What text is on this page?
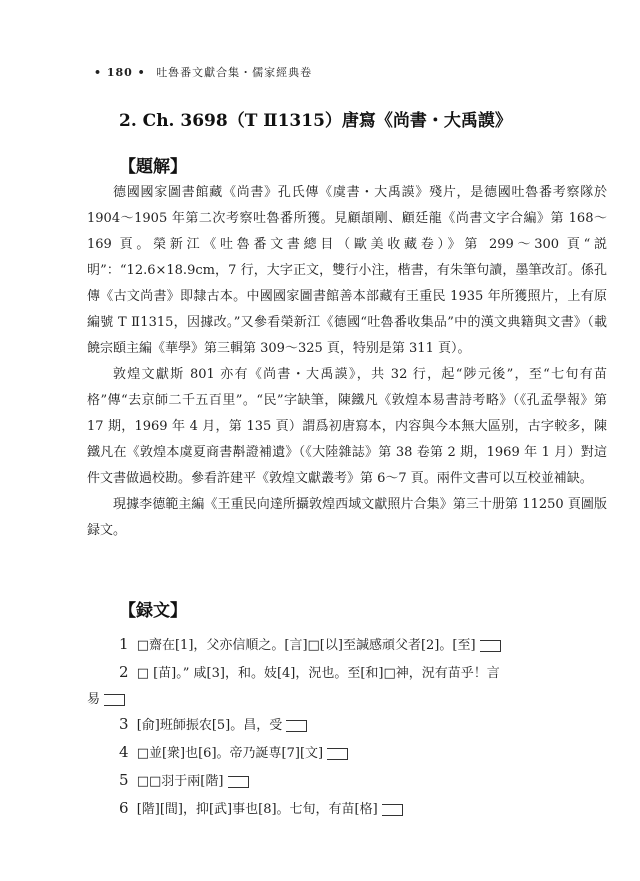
• 180 • 吐魯番文獻合集・儒家經典卷
2. Ch. 3698（T Ⅱ1315）唐寫《尚書・大禹謨》
【題解】

德國國家圖書館藏《尚書》孔氏傳《虞書・大禹謨》殘片，是德國吐魯番考察隊於 1904～1905 年第二次考察吐魯番所獲。見顧頡剛、顧廷龍《尚書文字合編》第 168～169 頁。榮新江《吐魯番文書總目（歐美收藏卷）》第 299～300 頁“説明”：“12.6×18.9cm，7 行，大字正文，雙行小注，楷書，有朱筆句讀，墨筆改訂。係孔傳《古文尚書》即隸古本。中國國家圖書館善本部藏有王重民 1935 年所獲照片，上有原編號 T Ⅱ1315，因據改。”又參看榮新江《德國“吐魯番收集品”中的漢文典籍與文書》（載饒宗頤主編《華學》第三輯第 309～325 頁，特别是第 311 頁）。

敦煌文獻斯 801 亦有《尚書・大禹謨》，共 32 行，起“陟元後”，至“七旬有苗格”傳“去京師二千五百里”。“民”字缺筆，陳鐵凡《敦煌本易書詩考略》（《孔孟學報》第 17 期，1969 年 4 月，第 135 頁）謂爲初唐寫本，内容與今本無大區别，古字較多，陳鐵凡在《敦煌本虞夏商書斠證補遺》（《大陸雜誌》第 38 卷第 2 期，1969 年 1 月）對這件文書做過校勘。參看許建平《敦煌文獻叢考》第 6～7 頁。兩件文書可以互校並補缺。

現據李德範主編《王重民向達所攝敦煌西域文獻照片合集》第三十册第 11250 頁圖版録文。

【録文】
1 □齋在[1]，父亦信順之。[言]□[以]至諴感頑父者[2]。[至]
2 □ [苗]。” 咸[3]，和。妓[4]，況也。至[和]□神，況有苗乎！言
易
3 [俞]班師振农[5]。昌，受
4 □並[衆]也[6]。帝乃誕専[7][文]
5 □□羽于兩[階]
6 [階][間]，抑[武]事也[8]。七旬，有苗[格]
